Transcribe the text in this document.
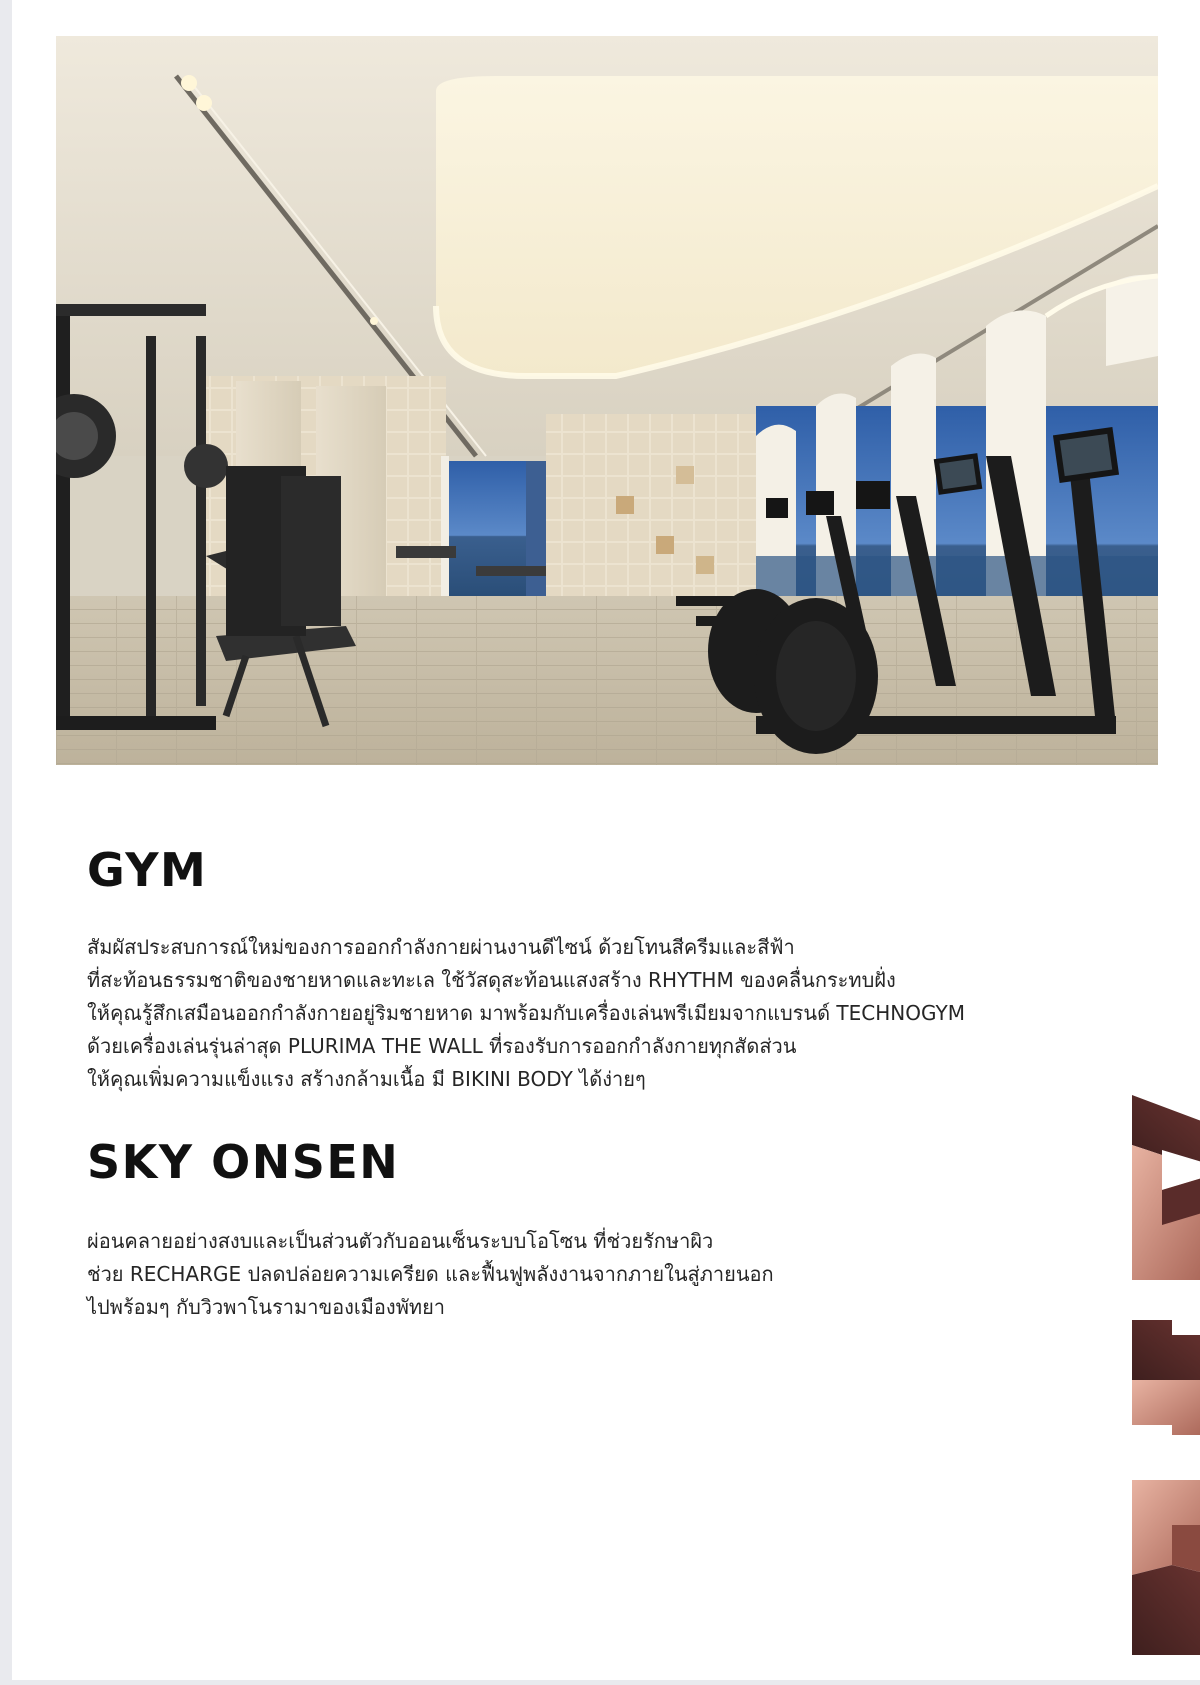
GYM
สัมผัสประสบการณ์ใหม่ของการออกกำลังกายผ่านงานดีไซน์ ด้วยโทนสีครีมและสีฟ้า
ที่สะท้อนธรรมชาติของชายหาดและทะเล ใช้วัสดุสะท้อนแสงสร้าง RHYTHM ของคลื่นกระทบฝั่ง
ให้คุณรู้สึกเสมือนออกกำลังกายอยู่ริมชายหาด มาพร้อมกับเครื่องเล่นพรีเมียมจากแบรนด์ TECHNOGYM
ด้วยเครื่องเล่นรุ่นล่าสุด PLURIMA THE WALL ที่รองรับการออกกำลังกายทุกสัดส่วน
ให้คุณเพิ่มความแข็งแรง สร้างกล้ามเนื้อ มี BIKINI BODY ได้ง่ายๆ
SKY ONSEN
ผ่อนคลายอย่างสงบและเป็นส่วนตัวกับออนเซ็นระบบโอโซน ที่ช่วยรักษาผิว
ช่วย RECHARGE ปลดปล่อยความเครียด และฟื้นฟูพลังงานจากภายในสู่ภายนอก
ไปพร้อมๆ กับวิวพาโนรามาของเมืองพัทยา
